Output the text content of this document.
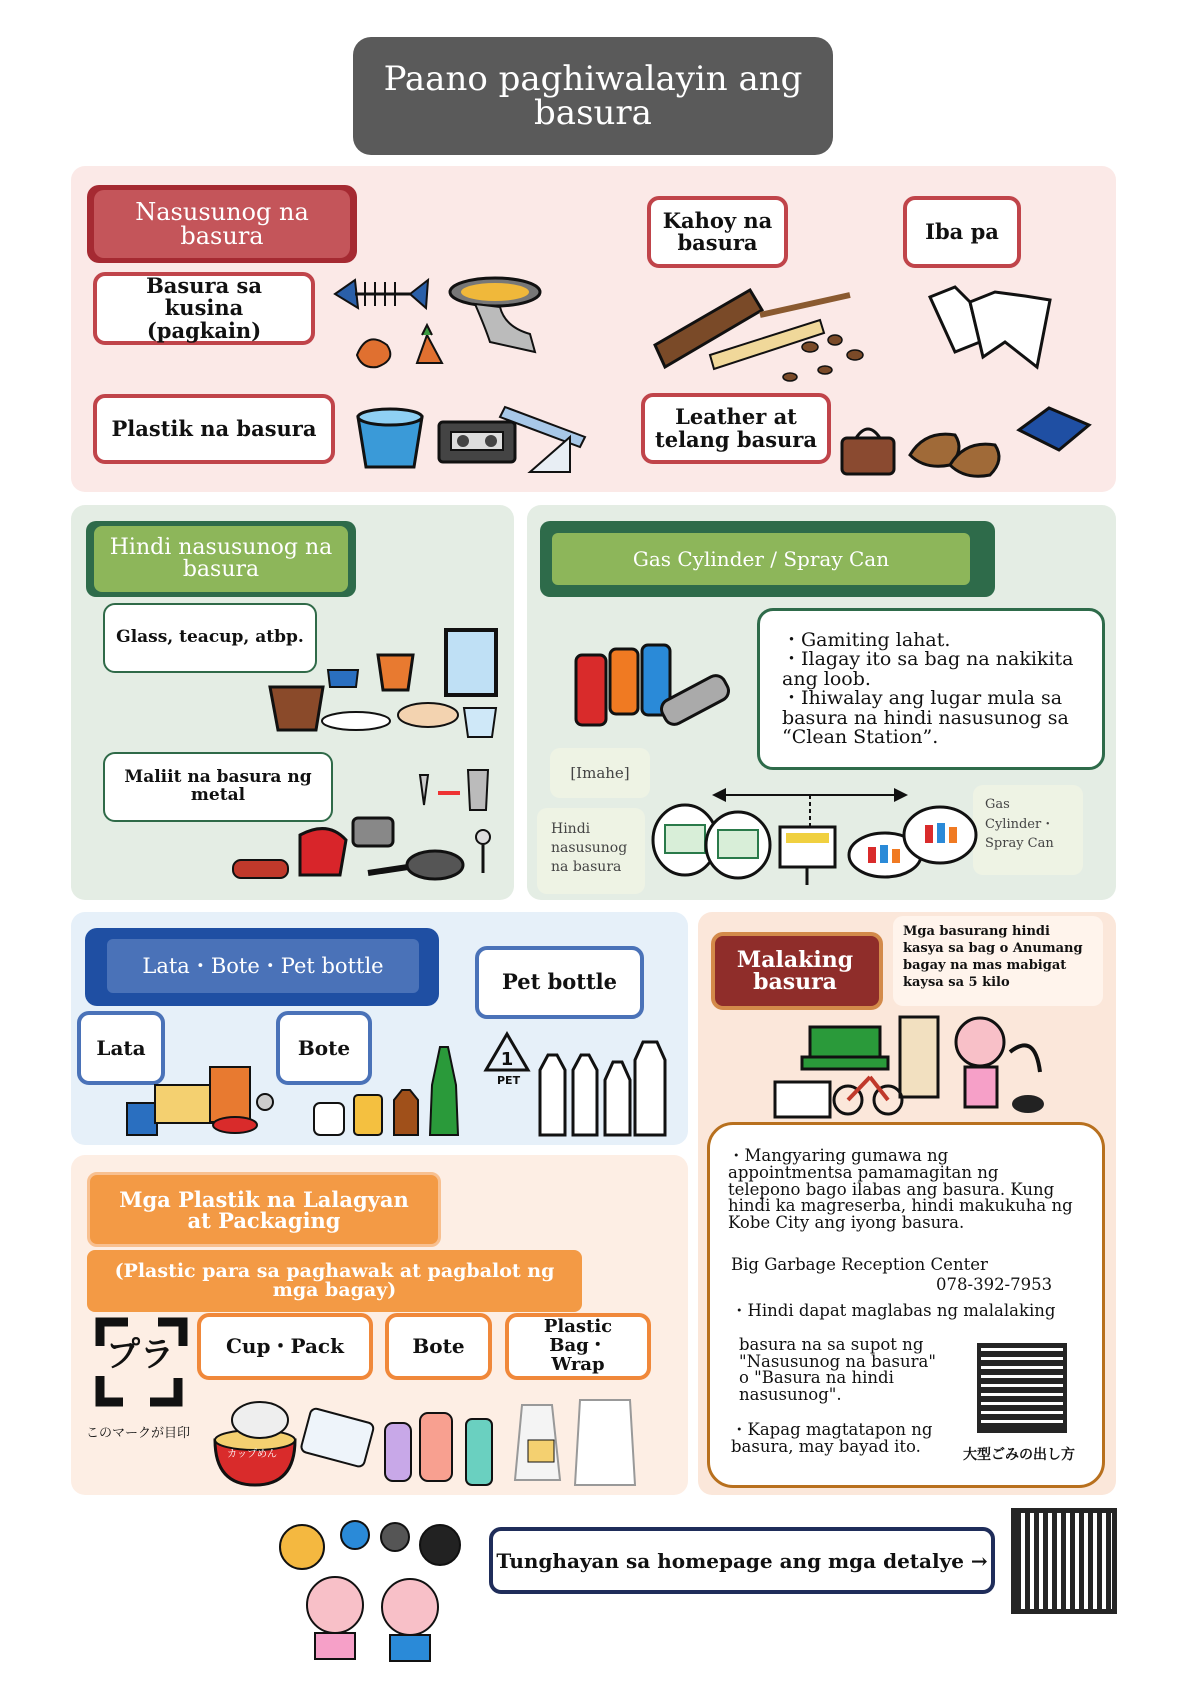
Paano paghiwalayin ang basura
Nasusunog na basura
Basura sa kusina (pagkain)
Plastik na basura
Kahoy na basura	Iba pa
Leather at telang basura
Hindi nasusunog na basura
Glass, teacup, atbp.
Maliit na basura ng metal
Gas Cylinder / Spray Can
・Gamiting lahat.
・Ilagay ito sa bag na nakikita ang loob.
・Ihiwalay ang lugar mula sa basura na hindi nasusunog sa “Clean Station”.
[Imahe]
Hindi nasusunog na basura
Gas Cylinder・Spray Can
Lata・Bote・Pet bottle
Pet bottle
Lata	Bote	1
PET
Malaking basura
Mga basurang hindi kasya sa bag o Anumang bagay na mas mabigat kaysa sa 5 kilo
・Mangyaring gumawa ng appointmentsa pamamagitan ng telepono bago ilabas ang basura. Kung hindi ka magreserba, hindi makukuha ng Kobe City ang iyong basura.
Big Garbage Reception Center
078-392-7953
・Hindi dapat maglabas ng malalaking
basura na sa supot ng "Nasusunog na basura" o "Basura na hindi nasusunog".
・Kapag magtatapon ng basura, may bayad ito.	大型ごみの出し方
Mga Plastik na Lalagyan at Packaging
(Plastic para sa paghawak at pagbalot ng mga bagay)
Cup・Pack	Bote
Plastic Bag・Wrap
プラ
このマークが目印
カップめん
Tunghayan sa homepage ang mga detalye →
